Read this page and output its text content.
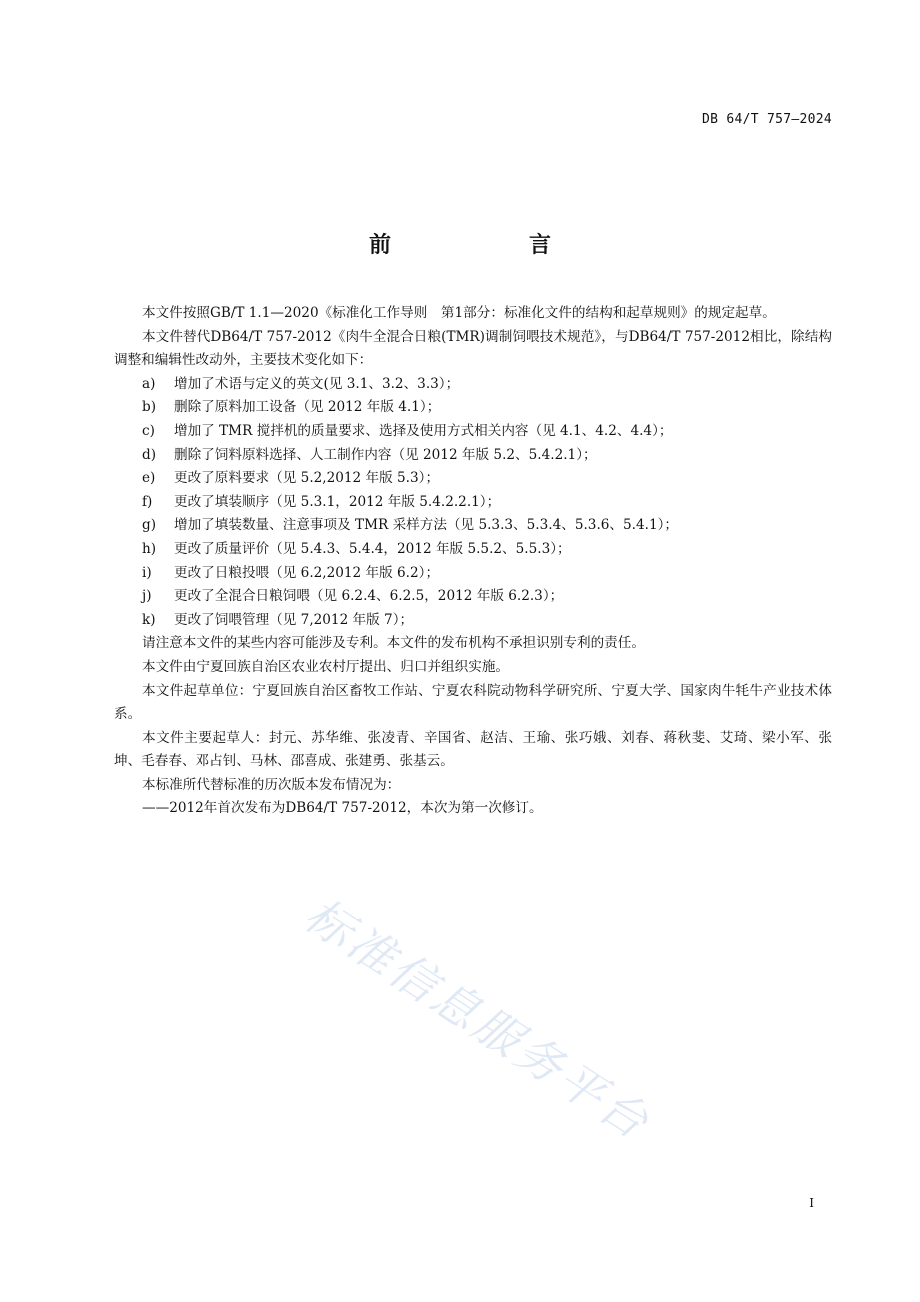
DB 64/T 757—2024
前　言

本文件按照GB/T 1.1—2020《标准化工作导则　第1部分：标准化文件的结构和起草规则》的规定起草。

本文件替代DB64/T 757-2012《肉牛全混合日粮(TMR)调制饲喂技术规范》，与DB64/T 757-2012相比，除结构调整和编辑性改动外，主要技术变化如下：

a) 增加了术语与定义的英文(见 3.1、3.2、3.3）；

b) 删除了原料加工设备（见 2012 年版 4.1）；

c) 增加了 TMR 搅拌机的质量要求、选择及使用方式相关内容（见 4.1、4.2、4.4）；

d) 删除了饲料原料选择、人工制作内容（见 2012 年版 5.2、5.4.2.1）；

e) 更改了原料要求（见 5.2,2012 年版 5.3）；

f) 更改了填装顺序（见 5.3.1，2012 年版 5.4.2.2.1）；

g) 增加了填装数量、注意事项及 TMR 采样方法（见 5.3.3、5.3.4、5.3.6、5.4.1）；

h) 更改了质量评价（见 5.4.3、5.4.4，2012 年版 5.5.2、5.5.3）；

i) 更改了日粮投喂（见 6.2,2012 年版 6.2）；

j) 更改了全混合日粮饲喂（见 6.2.4、6.2.5，2012 年版 6.2.3）；

k) 更改了饲喂管理（见 7,2012 年版 7）；

请注意本文件的某些内容可能涉及专利。本文件的发布机构不承担识别专利的责任。

本文件由宁夏回族自治区农业农村厅提出、归口并组织实施。

本文件起草单位：宁夏回族自治区畜牧工作站、宁夏农科院动物科学研究所、宁夏大学、国家肉牛牦牛产业技术体系。

本文件主要起草人：封元、苏华维、张凌青、辛国省、赵洁、王瑜、张巧娥、刘春、蒋秋斐、艾琦、梁小军、张坤、毛春春、邓占钊、马林、邵喜成、张建勇、张基云。

本标准所代替标准的历次版本发布情况为：

——2012年首次发布为DB64/T 757-2012，本次为第一次修订。

标准信息服务平台
I
